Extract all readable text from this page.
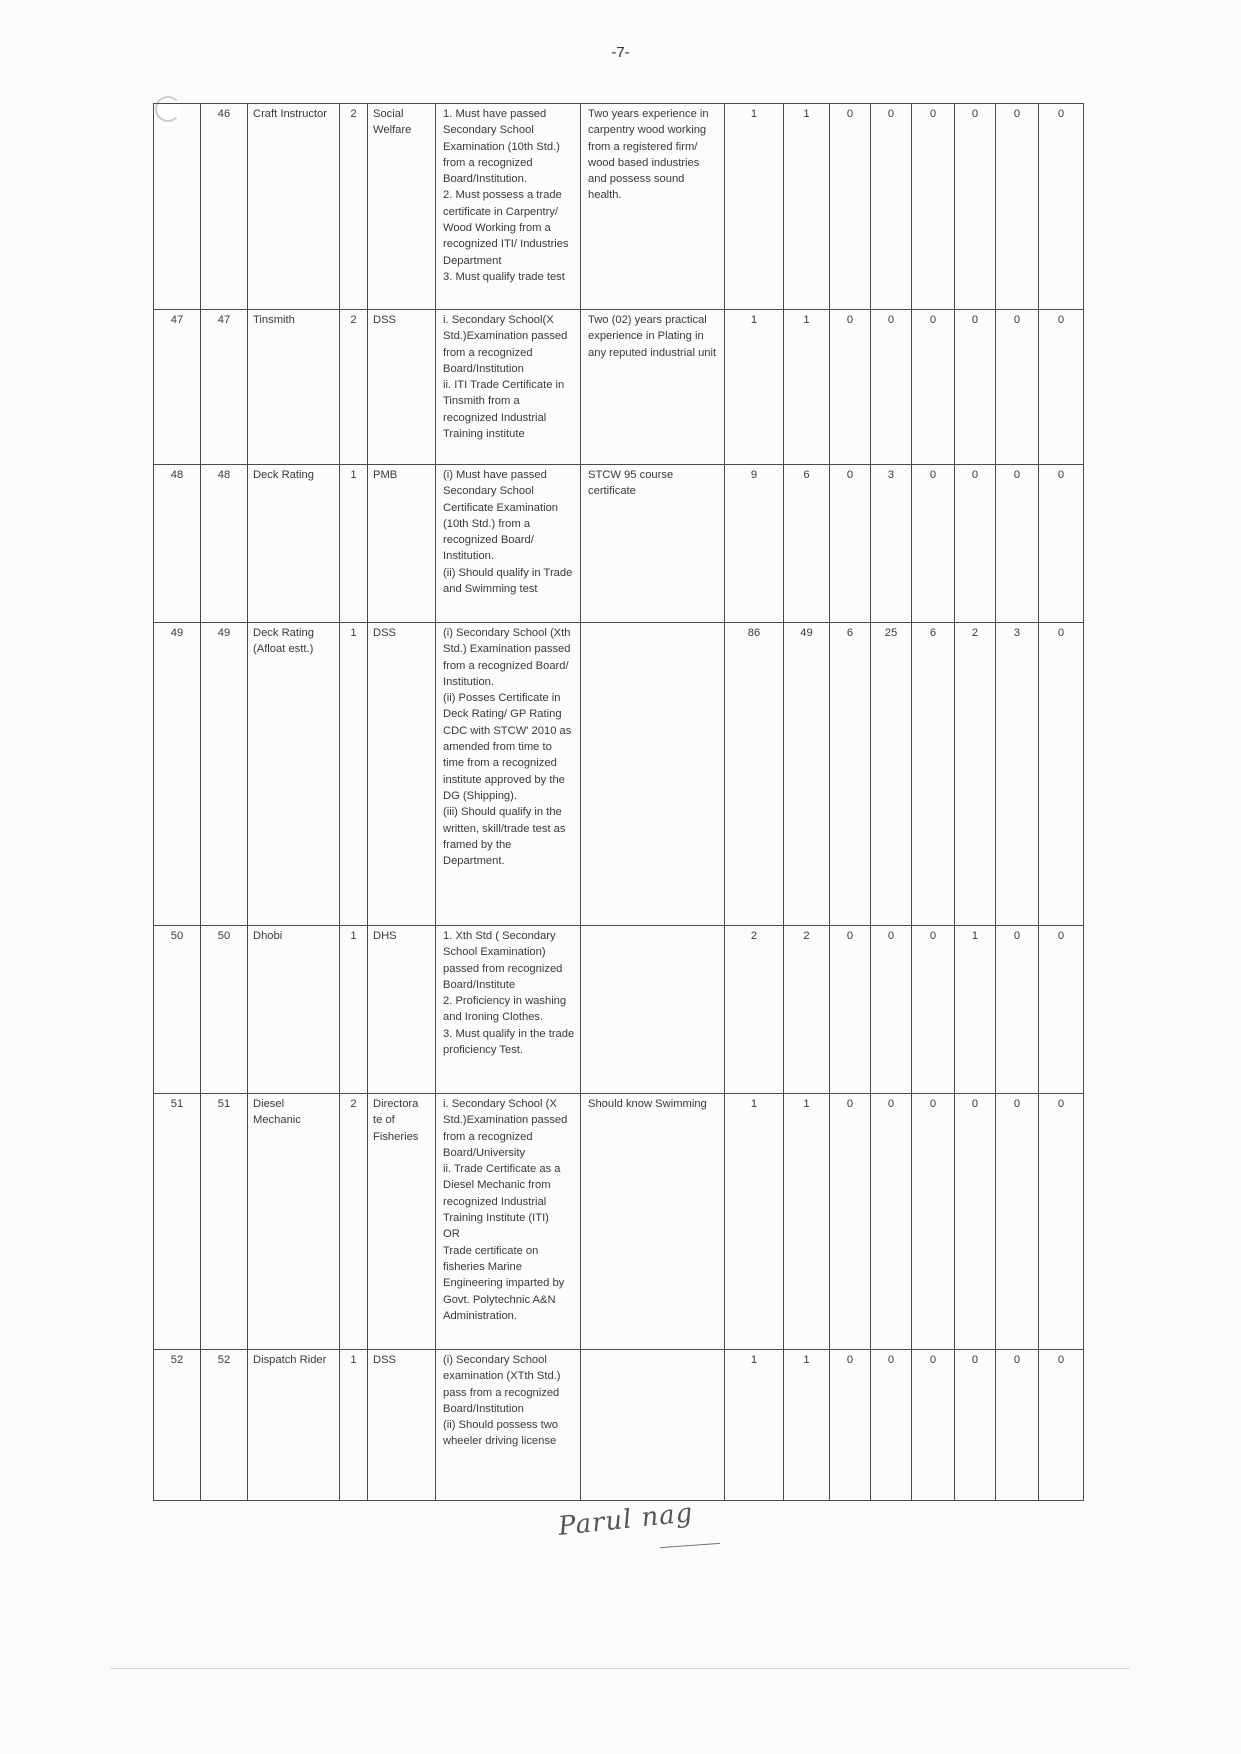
-7-
	46	Craft Instructor	2	Social Welfare	1. Must have passed Secondary School Examination (10th Std.) from a recognized Board/Institution.
2. Must possess a trade certificate in Carpentry/ Wood Working from a recognized ITI/ Industries Department
3. Must qualify trade test	Two years experience in carpentry wood working from a registered firm/ wood based industries and possess sound health.	1	1	0	0	0	0	0	0
47	47	Tinsmith	2	DSS	i. Secondary School(X Std.)Examination passed from a recognized Board/Institution
ii. ITI Trade Certificate in Tinsmith from a recognized Industrial Training institute	Two (02) years practical experience in Plating in any reputed industrial unit	1	1	0	0	0	0	0	0
48	48	Deck Rating	1	PMB	(i) Must have passed Secondary School Certificate Examination (10th Std.) from a recognized Board/ Institution.
(ii) Should qualify in Trade and Swimming test	STCW 95 course certificate	9	6	0	3	0	0	0	0
49	49	Deck Rating (Afloat estt.)	1	DSS	(i) Secondary School (Xth Std.) Examination passed from a recognized Board/ Institution.
(ii) Posses Certificate in Deck Rating/ GP Rating CDC with STCW' 2010 as amended from time to time from a recognized institute approved by the DG (Shipping).
(iii) Should qualify in the written, skill/trade test as framed by the Department.		86	49	6	25	6	2	3	0
50	50	Dhobi	1	DHS	1. Xth Std ( Secondary School Examination) passed from recognized Board/Institute
2. Proficiency in washing and Ironing Clothes.
3. Must qualify in the trade proficiency Test.		2	2	0	0	0	1	0	0
51	51	Diesel Mechanic	2	Directora te of Fisheries	i. Secondary School (X Std.)Examination passed from a recognized Board/University
ii. Trade Certificate as a Diesel Mechanic from recognized Industrial Training Institute (ITI)
OR
Trade certificate on fisheries Marine Engineering imparted by Govt. Polytechnic A&N Administration.	Should know Swimming	1	1	0	0	0	0	0	0
52	52	Dispatch Rider	1	DSS	(i) Secondary School examination (XTth Std.) pass from a recognized Board/Institution
(ii) Should possess two wheeler driving license		1	1	0	0	0	0	0	0
Parul nag
